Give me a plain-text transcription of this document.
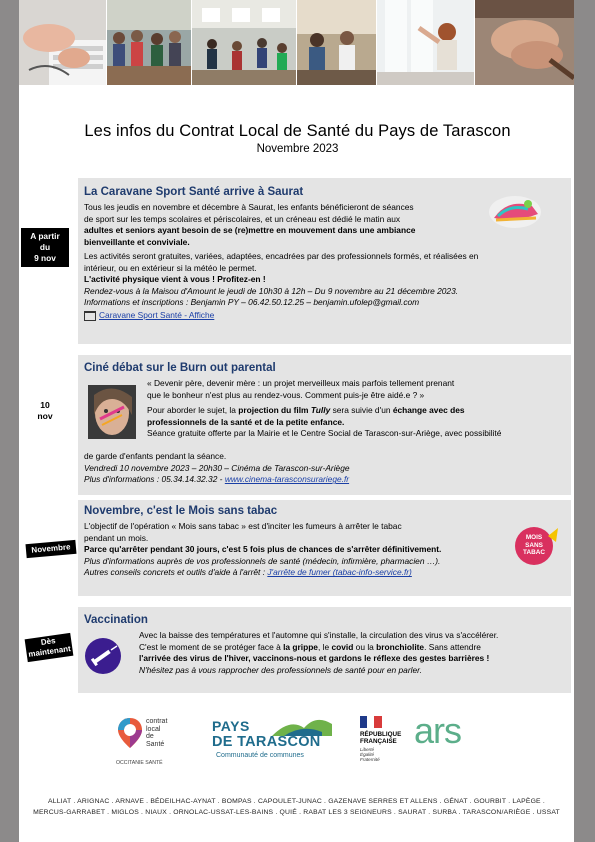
Les infos du Contrat Local de Santé du Pays de Tarascon
Novembre 2023
A partir
du
9 nov
La Caravane Sport Santé arrive à Saurat
Tous les jeudis en novembre et décembre à Saurat, les enfants bénéficieront de séances
de sport sur les temps scolaires et périscolaires, et un créneau est dédié le matin aux
adultes et seniors ayant besoin de se (re)mettre en mouvement dans une ambiance
bienveillante et conviviale.
Les activités seront gratuites, variées, adaptées, encadrées par des professionnels formés, et réalisées en
intérieur, ou en extérieur si la météo le permet.
L'activité physique vient à vous ! Profitez-en !
Rendez-vous à la Maisou d'Amount le jeudi de 10h30 à 12h – Du 9 novembre au 21 décembre 2023.
Informations et inscriptions : Benjamin PY – 06.42.50.12.25 – benjamin.ufolep@gmail.com
Caravane Sport Santé - Affiche
10
nov
Ciné débat sur le Burn out parental
« Devenir père, devenir mère : un projet merveilleux mais parfois tellement prenant
que le bonheur n'est plus au rendez-vous. Comment puis-je être aidé.e ? »
Pour aborder le sujet, la projection du film Tully sera suivie d'un échange avec des
professionnels de la santé et de la petite enfance.
Séance gratuite offerte par la Mairie et le Centre Social de Tarascon-sur-Ariège, avec possibilité
de garde d'enfants pendant la séance.
Vendredi 10 novembre 2023 – 20h30 – Cinéma de Tarascon-sur-Ariège
Plus d'informations : 05.34.14.32.32 - www.cinema-tarasconsurariege.fr
Novembre
Novembre, c'est le Mois sans tabac
MOIS
SANS
TABAC
L'objectif de l'opération « Mois sans tabac » est d'inciter les fumeurs à arrêter le tabac
pendant un mois.
Parce qu'arrêter pendant 30 jours, c'est 5 fois plus de chances de s'arrêter définitivement.
Plus d'informations auprès de vos professionnels de santé (médecin, infirmière, pharmacien …).
Autres conseils concrets et outils d'aide à l'arrêt : J'arrête de fumer (tabac-info-service.fr)
Dès
maintenant
Vaccination
Avec la baisse des températures et l'automne qui s'installe, la circulation des virus va s'accélérer.
C'est le moment de se protéger face à la grippe, le covid ou la bronchiolite. Sans attendre
l'arrivée des virus de l'hiver, vaccinons-nous et gardons le réflexe des gestes barrières !
N'hésitez pas à vous rapprocher des professionnels de santé pour en parler.
contrat
local
de
Santé
OCCITANIE SANTÉ
PAYS
DE TARASCON
Communauté de communes
RÉPUBLIQUE
FRANÇAISE
Liberté
Égalité
Fraternité
ars
ALLIAT . ARIGNAC . ARNAVE . BÉDEILHAC-AYNAT . BOMPAS . CAPOULET-JUNAC . GAZENAVE SERRES ET ALLENS . GÉNAT . GOURBIT . LAPÈGE .
MERCUS-GARRABET . MIGLOS . NIAUX . ORNOLAC-USSAT-LES-BAINS . QUIÉ . RABAT LES 3 SEIGNEURS . SAURAT . SURBA . TARASCON/ARIÈGE . USSAT
